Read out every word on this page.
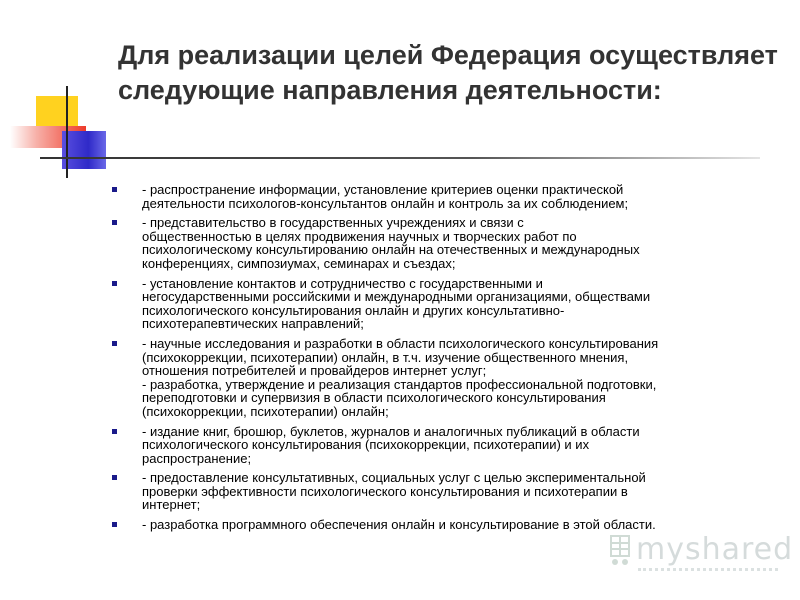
Для реализации целей Федерация осуществляет следующие направления деятельности:
- распространение информации, установление критериев оценки практической
деятельности психологов-консультантов онлайн и контроль за их соблюдением;
- представительство в государственных учреждениях и связи с
общественностью в целях продвижения научных и творческих работ по
психологическому консультированию онлайн на отечественных и международных
конференциях, симпозиумах, семинарах и съездах;
- установление контактов и сотрудничество с государственными и
негосударственными российскими и международными организациями, обществами
психологического консультирования онлайн и других консультативно-
психотерапевтических направлений;
- научные исследования и разработки в области психологического консультирования
(психокоррекции, психотерапии) онлайн, в т.ч. изучение общественного мнения,
отношения потребителей и провайдеров интернет услуг;
- разработка, утверждение и реализация стандартов профессиональной подготовки,
переподготовки и супервизия в области психологического консультирования
(психокоррекции, психотерапии) онлайн;
- издание книг, брошюр, буклетов, журналов и аналогичных публикаций в области
психологического консультирования (психокоррекции, психотерапии) и их
распространение;
- предоставление консультативных, социальных услуг с целью экспериментальной
проверки эффективности психологического консультирования и психотерапии в
интернет;
- разработка программного обеспечения онлайн и консультирование в этой области.
myshared
